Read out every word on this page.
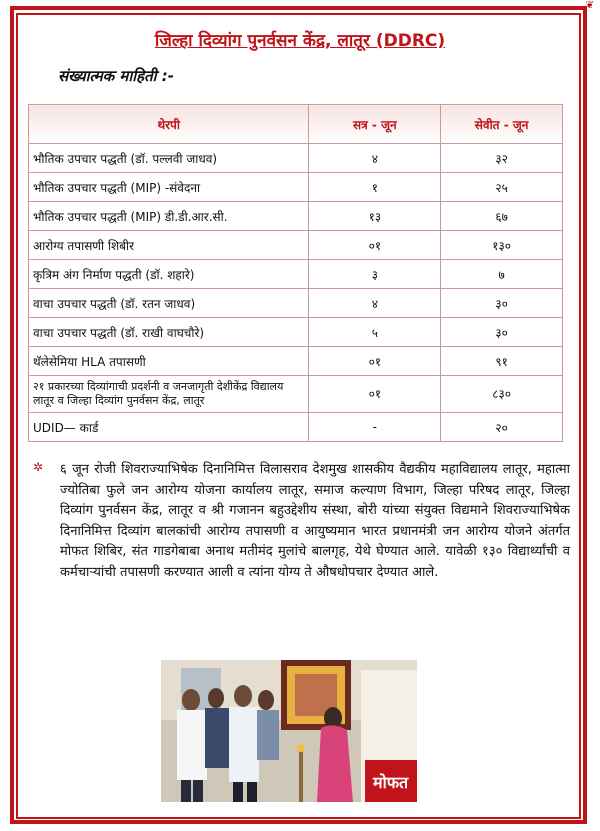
❦
जिल्हा दिव्यांग पुनर्वसन केंद्र, लातूर (DDRC)
संख्यात्मक माहिती :-
थेरपी	सत्र - जून	सेवीत - जून
भौतिक उपचार पद्धती (डॉ. पल्लवी जाधव)	४	३२
भौतिक उपचार पद्धती (MIP) -संवेदना	१	२५
भौतिक उपचार पद्धती (MIP) डी.डी.आर.सी.	१३	६७
आरोग्य तपासणी शिबीर	०१	१३०
कृत्रिम अंग निर्माण पद्धती (डॉ. शहारे)	३	७
वाचा उपचार पद्धती (डॉ. रतन जाधव)	४	३०
वाचा उपचार पद्धती (डॉ. राखी वाघचौरे)	५	३०
थॅलेसेमिया HLA तपासणी	०१	९१
२१ प्रकारच्या दिव्यांगाची प्रदर्शनी व जनजागृती देशीकेंद्र विद्यालय लातूर व जिल्हा दिव्यांग पुनर्वसन केंद्र, लातूर	०१	८३०
UDID— कार्ड	-	२०
✲ ६ जून रोजी शिवराज्याभिषेक दिनानिमित्त विलासराव देशमुख शासकीय वैद्यकीय महाविद्यालय लातूर, महात्मा ज्योतिबा फुले जन आरोग्य योजना कार्यालय लातूर, समाज कल्याण विभाग, जिल्हा परिषद लातूर, जिल्हा दिव्यांग पुनर्वसन केंद्र, लातूर व श्री गजानन बहुउद्देशीय संस्था, बोरी यांच्या संयुक्त विद्यमाने शिवराज्याभिषेक दिनानिमित्त दिव्यांग बालकांची आरोग्य तपासणी व आयुष्यमान भारत प्रधानमंत्री जन आरोग्य योजने अंतर्गत मोफत शिबिर, संत गाडगेबाबा अनाथ मतीमंद मुलांचे बालगृह, येथे घेण्यात आले. यावेळी १३० विद्यार्थ्यांची व कर्मचाऱ्यांची तपासणी करण्यात आली व त्यांना योग्य ते औषधोपचार देण्यात आले.
मोफत
